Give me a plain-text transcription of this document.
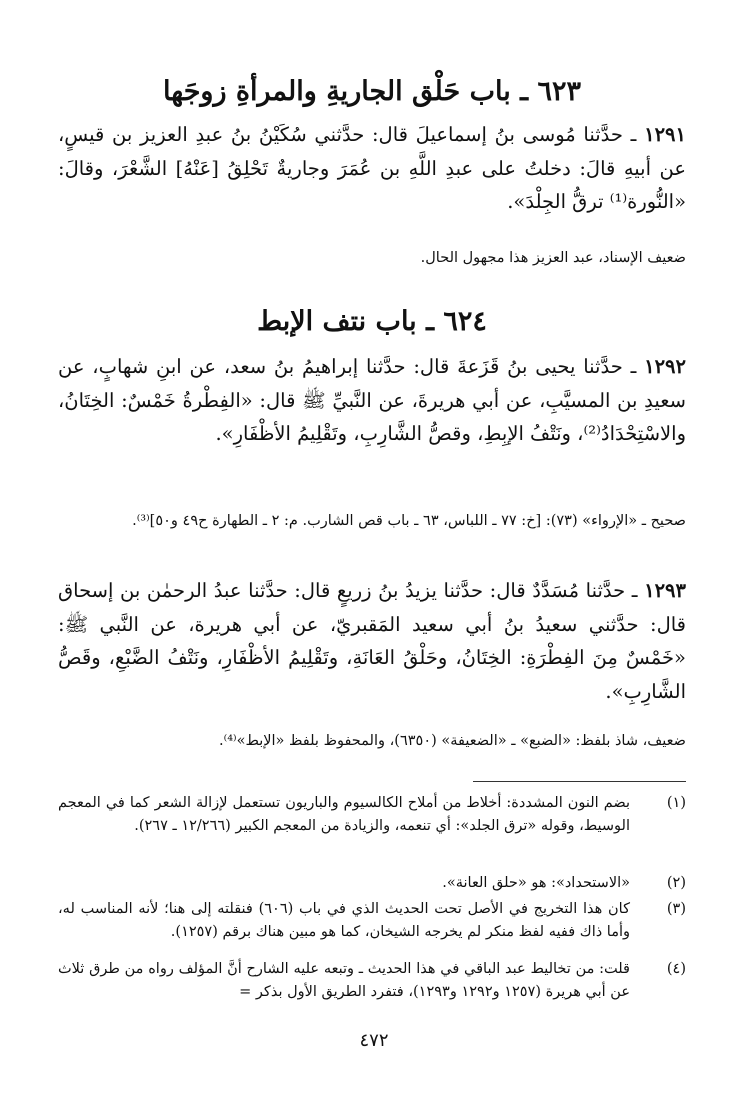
٦٢٣ ـ باب حَلْق الجاريةِ والمرأةِ زوجَها
١٢٩١ ـ حدَّثنا مُوسى بنُ إسماعيلَ قال: حدَّثني سُكَيْنُ بنُ عبدِ العزيز بن قيسٍ، عن أبيهِ قالَ: دخلتُ على عبدِ اللَّهِ بن عُمَرَ وجاريةٌ تَحْلِقُ [عَنْهُ] الشَّعْرَ، وقالَ: «النُّورة⁽¹⁾ ترقُّ الجِلْدَ».
ضعيف الإسناد، عبد العزيز هذا مجهول الحال.
٦٢٤ ـ باب نتف الإبط
١٢٩٢ ـ حدَّثنا يحيى بنُ قَزَعةَ قال: حدَّثنا إبراهيمُ بنُ سعد، عن ابنِ شهابٍ، عن سعيدِ بن المسيَّبِ، عن أبي هريرةَ، عن النَّبيِّ ﷺ قال: «الفِطْرةُ خَمْسٌ: الخِتَانُ، والاسْتِحْدَادُ⁽²⁾، ونَتْفُ الإبِطِ، وقصُّ الشَّارِبِ، وتَقْلِيمُ الأظْفَارِ».
صحيح ـ «الإرواء» (٧٣): [خ: ٧٧ ـ اللباس، ٦٣ ـ باب قص الشارب. م: ٢ ـ الطهارة ح٤٩ و٥٠]⁽³⁾.
١٢٩٣ ـ حدَّثنا مُسَدَّدٌ قال: حدَّثنا يزيدُ بنُ زريعٍ قال: حدَّثنا عبدُ الرحمٰن بن إسحاق قال: حدَّثني سعيدُ بنُ أبي سعيد المَقبريّ، عن أبي هريرة، عن النَّبي ﷺ: «خَمْسٌ مِنَ الفِطْرَةِ: الخِتَانُ، وحَلْقُ العَانَةِ، وتَقْلِيمُ الأظْفَارِ، ونَتْفُ الضَّبْعِ، وقَصُّ الشَّارِبِ».
ضعيف، شاذ بلفظ: «الضبع» ـ «الضعيفة» (٦٣٥٠)، والمحفوظ بلفظ «الإبط»⁽⁴⁾.
(١)
بضم النون المشددة: أخلاط من أملاح الكالسيوم والباريون تستعمل لإزالة الشعر كما في المعجم الوسيط، وقوله «ترق الجلد»: أي تنعمه، والزيادة من المعجم الكبير (١٢/٢٦٦ ـ ٢٦٧).
(٢)
«الاستحداد»: هو «حلق العانة».
(٣)
كان هذا التخريج في الأصل تحت الحديث الذي في باب (٦٠٦) فنقلته إلى هنا؛ لأنه المناسب له، وأما ذاك ففيه لفظ منكر لم يخرجه الشيخان، كما هو مبين هناك برقم (١٢٥٧).
(٤)
قلت: من تخاليط عبد الباقي في هذا الحديث ـ وتبعه عليه الشارح أنَّ المؤلف رواه من طرق ثلاث عن أبي هريرة (١٢٥٧ و١٢٩٢ و١٢٩٣)، فتفرد الطريق الأول بذكر =
٤٧٢
